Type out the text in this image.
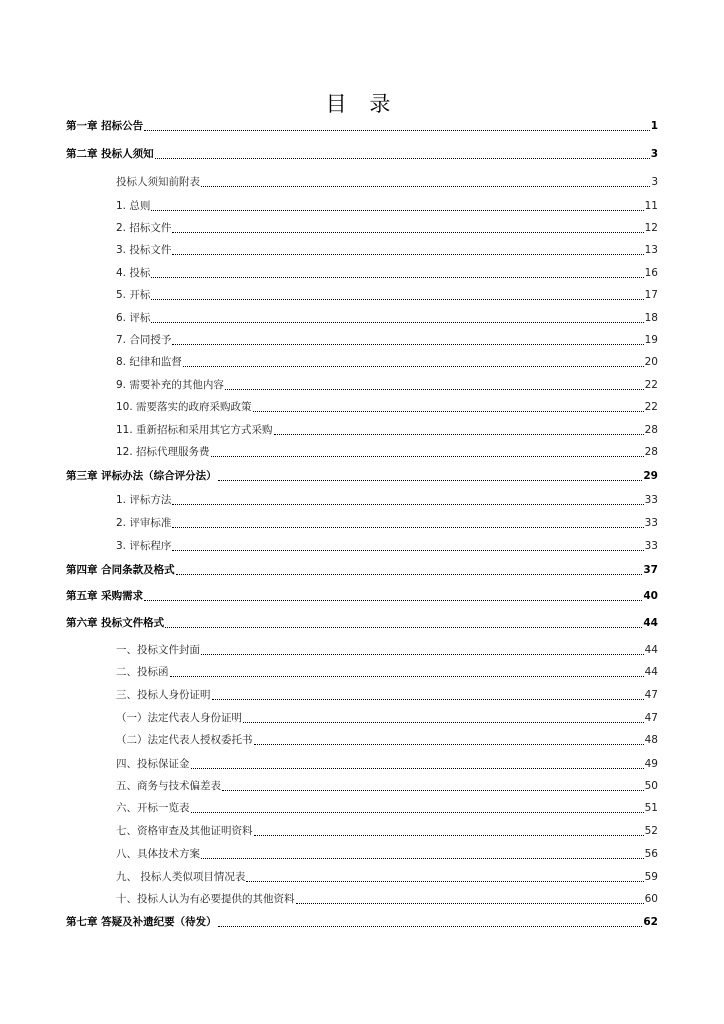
目 录
第一章 招标公告	1
第二章 投标人须知	3
投标人须知前附表	3
1. 总则	11
2. 招标文件	12
3. 投标文件	13
4. 投标	16
5. 开标	17
6. 评标	18
7. 合同授予	19
8. 纪律和监督	20
9. 需要补充的其他内容	22
10. 需要落实的政府采购政策	22
11. 重新招标和采用其它方式采购	28
12. 招标代理服务费	28
第三章 评标办法（综合评分法）	29
1. 评标方法	33
2. 评审标准	33
3. 评标程序	33
第四章 合同条款及格式	37
第五章 采购需求	40
第六章 投标文件格式	44
一、投标文件封面	44
二、投标函	44
三、投标人身份证明	47
（一）法定代表人身份证明	47
（二）法定代表人授权委托书	48
四、投标保证金	49
五、商务与技术偏差表	50
六、开标一览表	51
七、资格审查及其他证明资料	52
八、具体技术方案	56
九、 投标人类似项目情况表	59
十、投标人认为有必要提供的其他资料	60
第七章 答疑及补遗纪要（待发）	62
